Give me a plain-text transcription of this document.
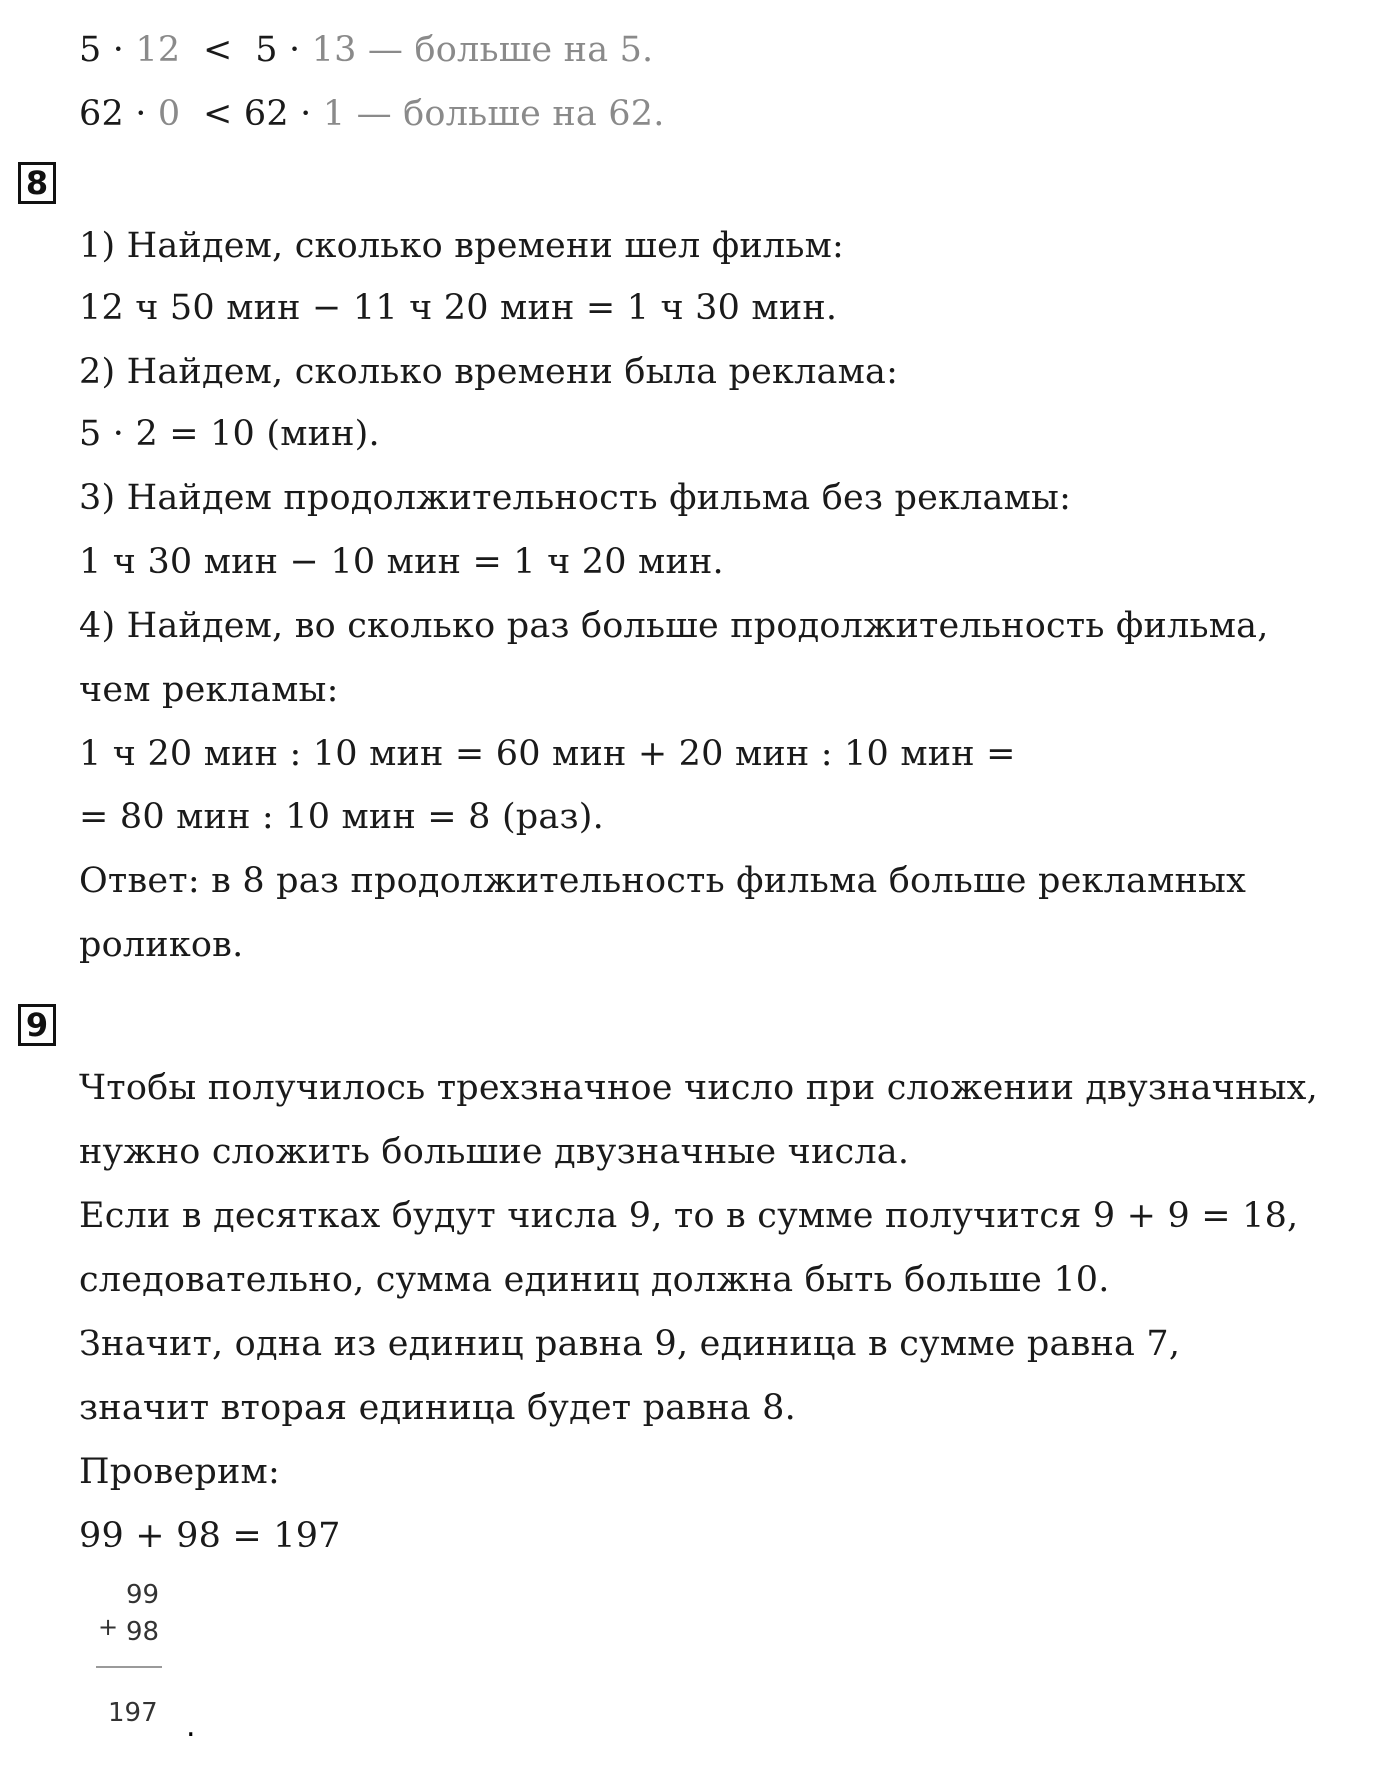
5 · 12  <  5 · 13 — больше на 5.
62 · 0  < 62 · 1 — больше на 62.
8
1) Найдем, сколько времени шел фильм:
12 ч 50 мин − 11 ч 20 мин = 1 ч 30 мин.
2) Найдем, сколько времени была реклама:
5 · 2 = 10 (мин).
3) Найдем продолжительность фильма без рекламы:
1 ч 30 мин − 10 мин = 1 ч 20 мин.
4) Найдем, во сколько раз больше продолжительность фильма,
чем рекламы:
1 ч 20 мин : 10 мин = 60 мин + 20 мин : 10 мин =
= 80 мин : 10 мин = 8 (раз).
Ответ: в 8 раз продолжительность фильма больше рекламных
роликов.
9
Чтобы получилось трехзначное число при сложении двузначных,
нужно сложить большие двузначные числа.
Если в десятках будут числа 9, то в сумме получится 9 + 9 = 18,
следовательно, сумма единиц должна быть больше 10.
Значит, одна из единиц равна 9, единица в сумме равна 7,
значит вторая единица будет равна 8.
Проверим:
99 + 98 = 197
+
99
98
197 .
